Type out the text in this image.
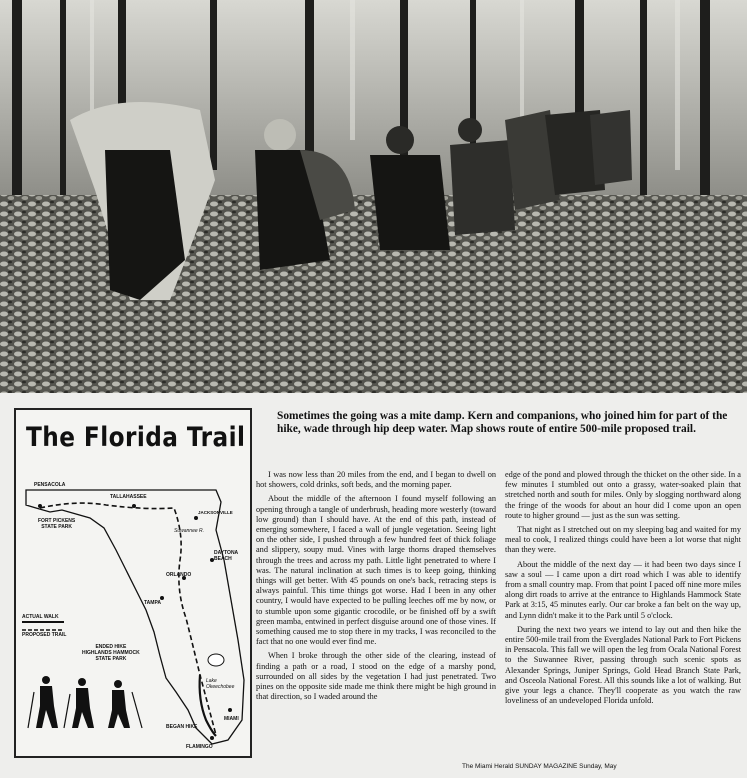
The Florida Trail
PENSACOLA
TALLAHASSEE
JACKSONVILLE
FORT PICKENS
STATE PARK
DAYTONA
BEACH
ORLANDO
TAMPA
Suwannee R.
ACTUAL WALK
PROPOSED TRAIL
ENDED HIKE
HIGHLANDS HAMMOCK
STATE PARK
Lake
Okeechobee
BEGAN HIKE
MIAMI
FLAMINGO
Sometimes the going was a mite damp. Kern and companions, who joined him for part of the hike, wade through hip deep water. Map shows route of entire 500-mile proposed trail.

I was now less than 20 miles from the end, and I began to dwell on hot showers, cold drinks, soft beds, and the morning paper.

About the middle of the afternoon I found myself following an opening through a tangle of underbrush, heading more westerly (toward low ground) than I should have. At the end of this path, instead of emerging somewhere, I faced a wall of jungle vegetation. Seeing light on the other side, I pushed through a few hundred feet of thick foliage and slippery, soupy mud. Vines with large thorns draped themselves through the trees and across my path. Little light penetrated to where I was. The natural inclination at such times is to keep going, thinking things will get better. With 45 pounds on one's back, retracing steps is always painful. This time things got worse. Had I been in any other country, I would have expected to be pulling leeches off me by now, or to stumble upon some gigantic crocodile, or be finished off by a swift green mamba, entwined in perfect disguise around one of those vines. If something caused me to stop there in my tracks, I was reconciled to the fact that no one would ever find me.

When I broke through the other side of the clearing, instead of finding a path or a road, I stood on the edge of a marshy pond, surrounded on all sides by the vegetation I had just penetrated. Two pines on the opposite side made me think there might be high ground in that direction, so I waded around the

edge of the pond and plowed through the thicket on the other side. In a few minutes I stumbled out onto a grassy, water-soaked plain that stretched north and south for miles. Only by slogging northward along the fringe of the woods for about an hour did I come upon an open route to higher ground — just as the sun was setting.

That night as I stretched out on my sleeping bag and waited for my meal to cook, I realized things could have been a lot worse that night than they were.

About the middle of the next day — it had been two days since I saw a soul — I came upon a dirt road which I was able to identify from a small country map. From that point I paced off nine more miles along dirt roads to arrive at the entrance to Highlands Hammock State Park at 3:15, 45 minutes early. Our car broke a fan belt on the way up, and Lynn didn't make it to the Park until 5 o'clock.

During the next two years we intend to lay out and then hike the entire 500-mile trail from the Everglades National Park to Fort Pickens in Pensacola. This fall we will open the leg from Ocala National Forest to the Suwannee River, passing through such scenic spots as Alexander Springs, Juniper Springs, Gold Head Branch State Park, and Osceola National Forest. All this sounds like a lot of walking. But give your legs a chance. They'll cooperate as you watch the raw loveliness of an undeveloped Florida unfold.

The Miami Herald SUNDAY MAGAZINE Sunday, May
